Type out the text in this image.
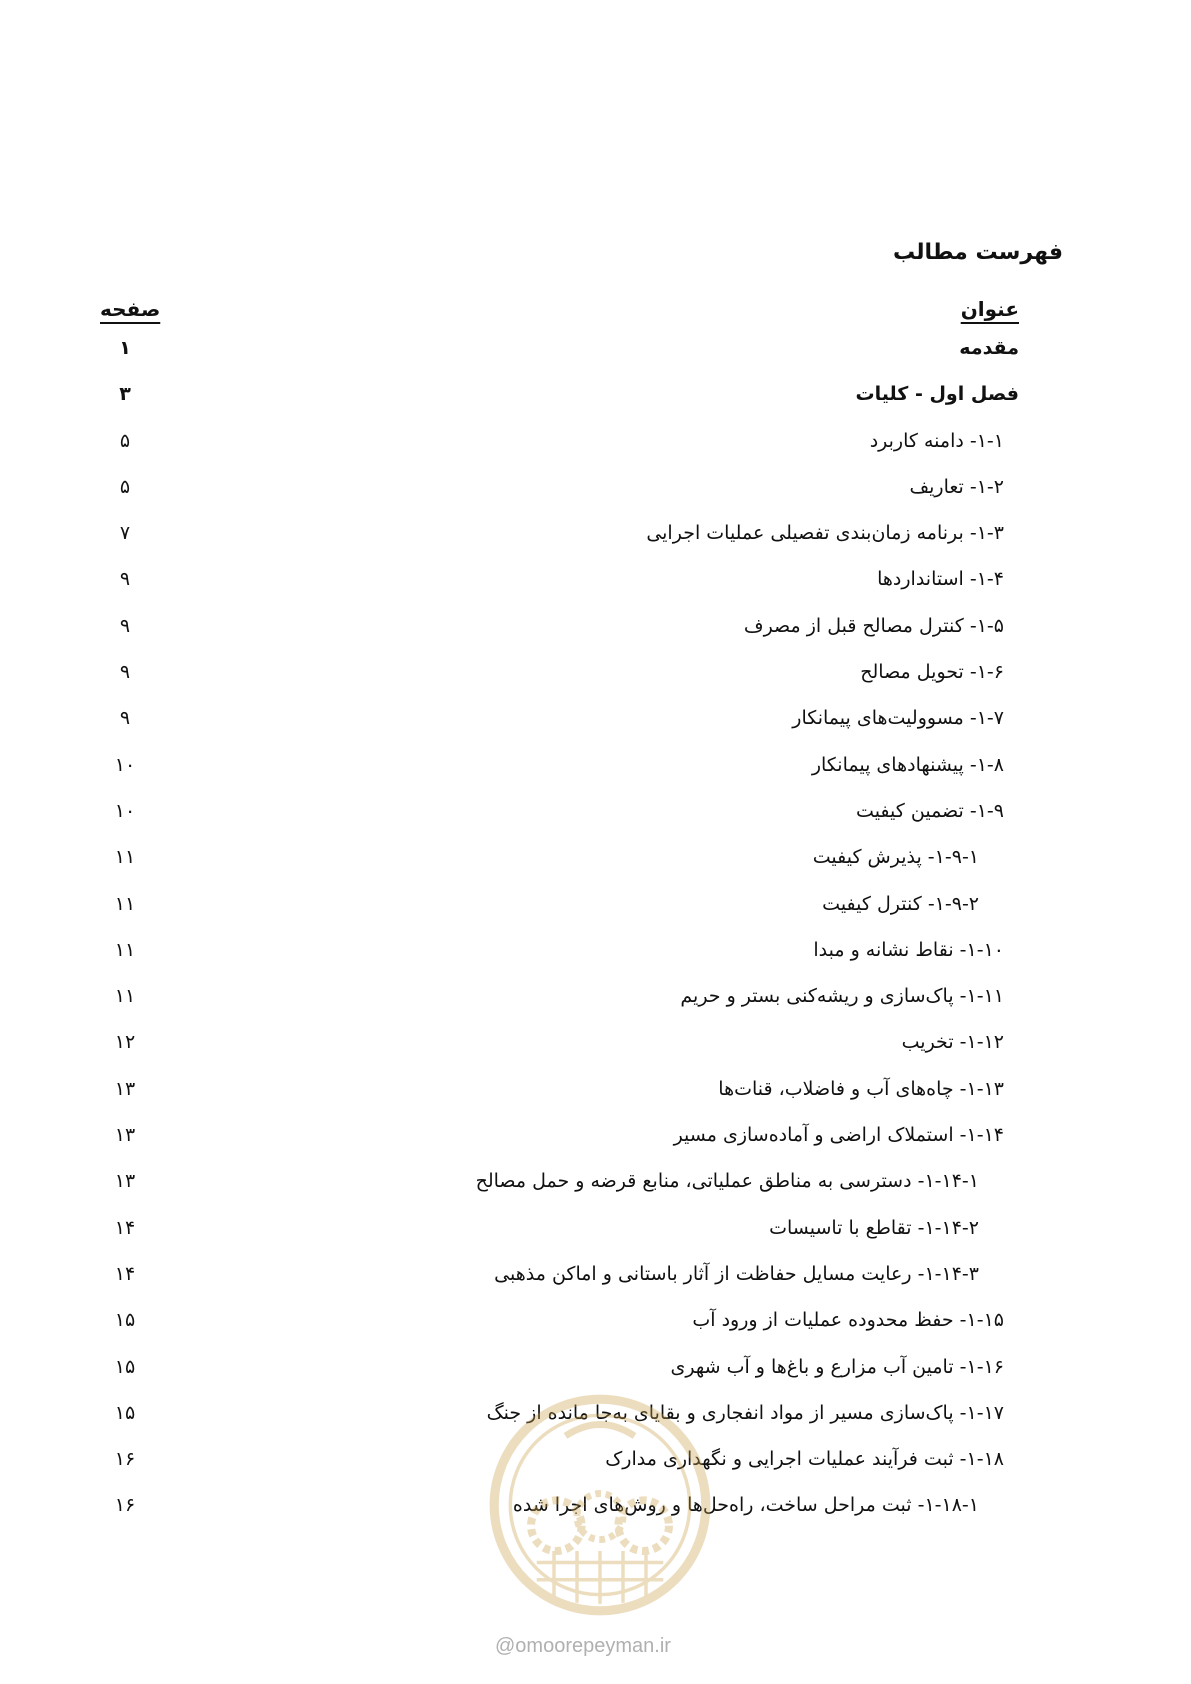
فهرست مطالب
عنوان
صفحه
مقدمه
۱
فصل اول - کلیات
۳
۱-۱- دامنه کاربرد
۵
۱-۲- تعاریف
۵
۱-۳- برنامه زمان‌بندی تفصیلی عملیات اجرایی
۷
۱-۴- استانداردها
۹
۱-۵- کنترل مصالح قبل از مصرف
۹
۱-۶- تحویل مصالح
۹
۱-۷- مسوولیت‌های پیمانکار
۹
۱-۸- پیشنهادهای پیمانکار
۱۰
۱-۹- تضمین کیفیت
۱۰
۱-۹-۱- پذیرش کیفیت
۱۱
۱-۹-۲- کنترل کیفیت
۱۱
۱-۱۰- نقاط نشانه و مبدا
۱۱
۱-۱۱- پاک‌سازی و ریشه‌کنی بستر و حریم
۱۱
۱-۱۲- تخریب
۱۲
۱-۱۳- چاه‌های آب و فاضلاب، قنات‌ها
۱۳
۱-۱۴- استملاک اراضی و آماده‌سازی مسیر
۱۳
۱-۱۴-۱- دسترسی به مناطق عملیاتی، منابع قرضه و حمل مصالح
۱۳
۱-۱۴-۲- تقاطع با تاسیسات
۱۴
۱-۱۴-۳- رعایت مسایل حفاظت از آثار باستانی و اماکن مذهبی
۱۴
۱-۱۵- حفظ محدوده عملیات از ورود آب
۱۵
۱-۱۶- تامین آب مزارع و باغ‌ها و آب شهری
۱۵
۱-۱۷- پاک‌سازی مسیر از مواد انفجاری و بقایای به‌جا مانده از جنگ
۱۵
۱-۱۸- ثبت فرآیند عملیات اجرایی و نگهداری مدارک
۱۶
۱-۱۸-۱- ثبت مراحل ساخت، راه‌حل‌ها و روش‌های اجرا شده
۱۶
@omoorepeyman.ir
